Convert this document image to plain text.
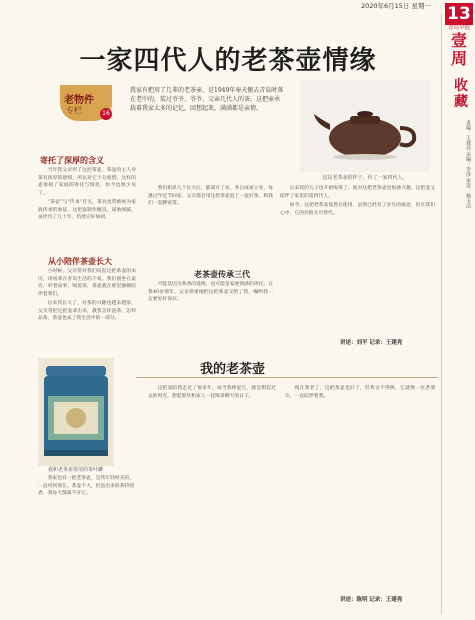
2020年6月15日 星期一 13
青岛早报
壹周
收藏
责编：王建亮 美编：李莎 审读：杨玉洁
一家四代人的老茶壶情缘
老物件
专栏	16
我家有把用了几辈的老茶壶，是1949年奉天搬去青岛时落在老中的，装过爷爷、爷爷、父亲几代人的茶。这把壶承载着我家太多的记忆，回想起来，满满都是亲情。
这是老茶壶的样子，传了一家四代人。
寄托了深厚的含义

当年我父亲用了这把茶壶，茶壶的主人对茶有浓厚的感情，所以对它十分爱惜。这样的壶承载了家庭的寄托与情思，如今也很少见了。

“茶壶”与“传承”有关，茶具也常被视为家族传承的象征。这把壶制作精良，质地细腻，虽经历了几十年，仍然完好如初。

从小陪伴茶壶长大

小时候，父亲常对我们说起这把茶壶的来历，讲祖辈在青岛生活的不易。我们围坐在桌旁，听着故事，喝着茶，茶壶就在那里静静陪伴着我们。

后来我长大了，对茶的兴趣也越来越浓，父亲常把这把壶拿出来，教我怎样泡茶，怎样品茶，茶壶也成了我生活中的一部分。

我们姐弟几个长大后，都离开了家，各自成家立业，每逢过年过节回家，父亲都会用这把茶壶泡上一壶好茶，和我们一起聊家常。

老茶壶传承三代

可能是因为茶香的延续，也可能是家族情感的寄托，在我40岁那年，父亲郑重地把这把茶壶交给了我，嘱咐我一定要好好保存。

后来我的儿子也开始喝茶了，他对这把老茶壶也很感兴趣，这把壶又陪伴了家里的第四代人。

如今，这把老茶壶依然在使用，虽然已经有了岁月的痕迹，但在我们心中，它的价值无可替代。

讲述：刘平 记录：王建亮
我和老茶壶常用的茶叶罐
我的老茶壶

我家也有一把老茶壶，是我年轻时买的，一直用到现在。茶壶不大，但泡出来的茶特别香，我每天都离不开它。

这把壶陪我走过了很多年，每当我捧起它，就会想起过去的时光，想起那些和家人一起喝茶聊天的日子。

现在我老了，这把茶壶也旧了，但我舍不得换，它就像一位老朋友，一直陪伴着我。

讲述：陈明 记录：王建亮
